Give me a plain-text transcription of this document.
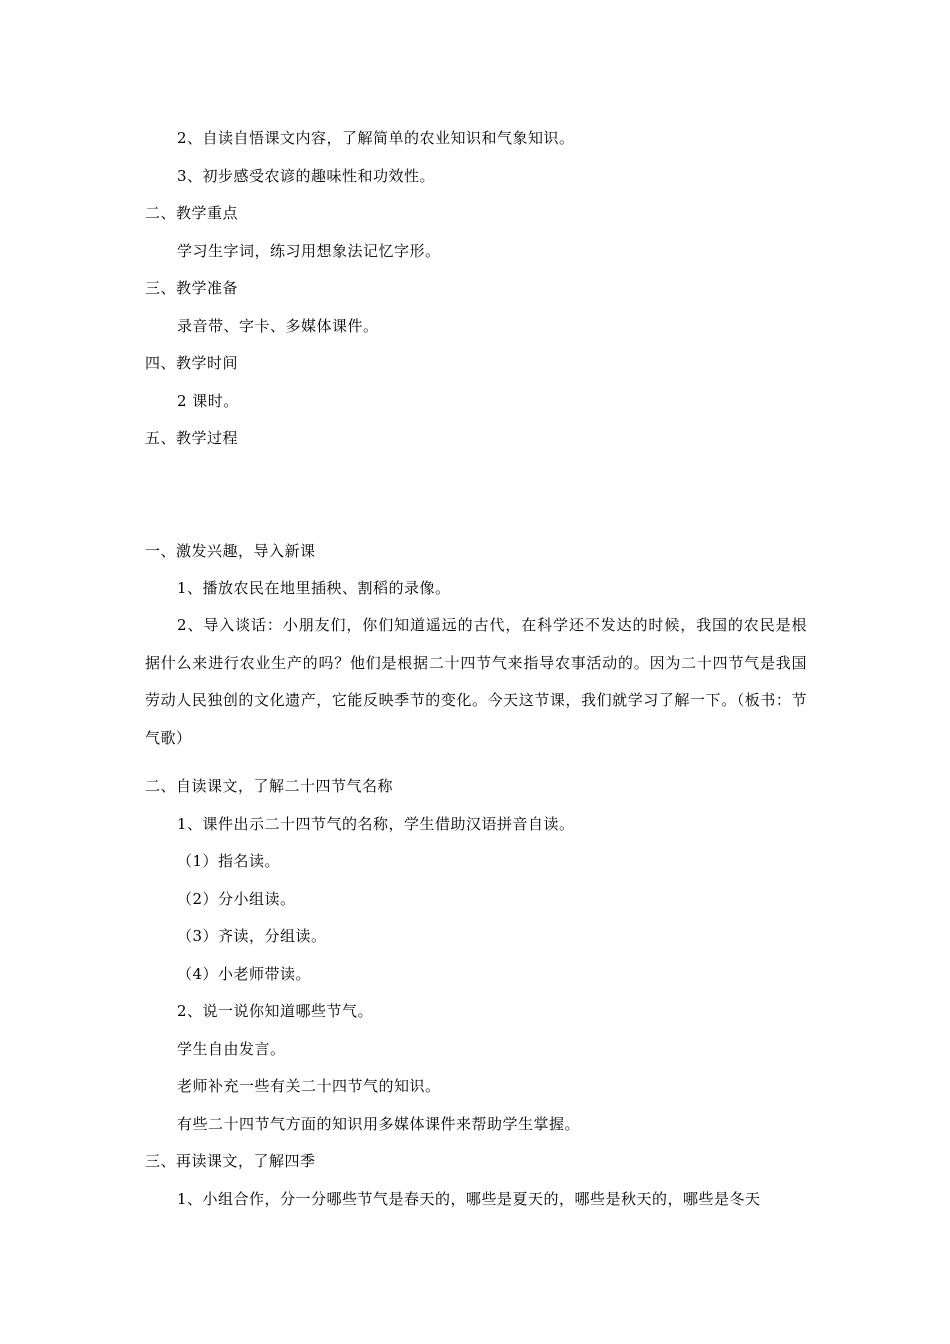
2、自读自悟课文内容，了解简单的农业知识和气象知识。
3、初步感受农谚的趣味性和功效性。
二、教学重点
学习生字词，练习用想象法记忆字形。
三、教学准备
录音带、字卡、多媒体课件。
四、教学时间
2 课时。
五、教学过程
一、激发兴趣，导入新课
1、播放农民在地里插秧、割稻的录像。
2、导入谈话：小朋友们，你们知道遥远的古代，在科学还不发达的时候，我国的农民是根据什么来进行农业生产的吗？他们是根据二十四节气来指导农事活动的。因为二十四节气是我国劳动人民独创的文化遗产，它能反映季节的变化。今天这节课，我们就学习了解一下。（板书：节气歌）
二、自读课文，了解二十四节气名称
1、课件出示二十四节气的名称，学生借助汉语拼音自读。
（1）指名读。
（2）分小组读。
（3）齐读，分组读。
（4）小老师带读。
2、说一说你知道哪些节气。
学生自由发言。
老师补充一些有关二十四节气的知识。
有些二十四节气方面的知识用多媒体课件来帮助学生掌握。
三、再读课文，了解四季
1、小组合作，分一分哪些节气是春天的，哪些是夏天的，哪些是秋天的，哪些是冬天
